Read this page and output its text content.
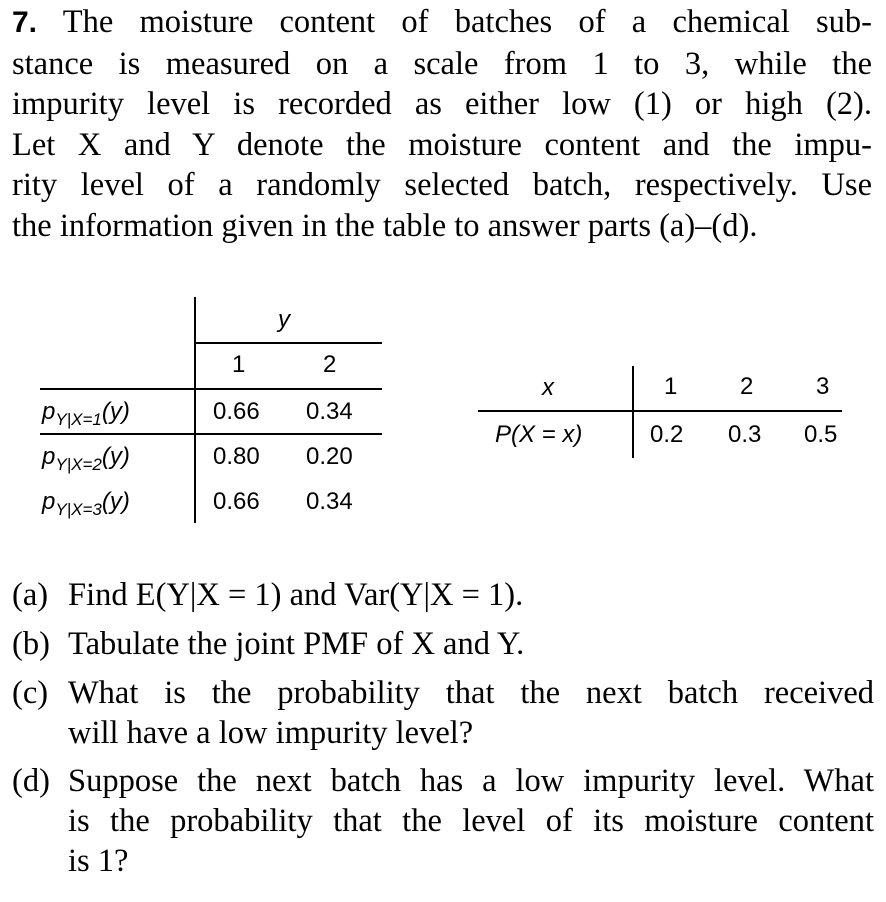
7. The moisture content of batches of a chemical sub-
stance is measured on a scale from 1 to 3, while the
impurity level is recorded as either low (1) or high (2).
Let X and Y denote the moisture content and the impu-
rity level of a randomly selected batch, respectively. Use
the information given in the table to answer parts (a)–(d).
y
1	2
$p_{Y|X=1}(y)$	0.66 0.34
$p_{Y|X=2}(y)$	0.80 0.20
$p_{Y|X=3}(y)$	0.66 0.34
x	1	2	3
P(X = x)	0.2 0.3 0.5
(a) Find E(Y|X = 1) and Var(Y|X = 1).
(b) Tabulate the joint PMF of X and Y.
(c) What is the probability that the next batch received
will have a low impurity level?
(d) Suppose the next batch has a low impurity level. What
is the probability that the level of its moisture content
is 1?
